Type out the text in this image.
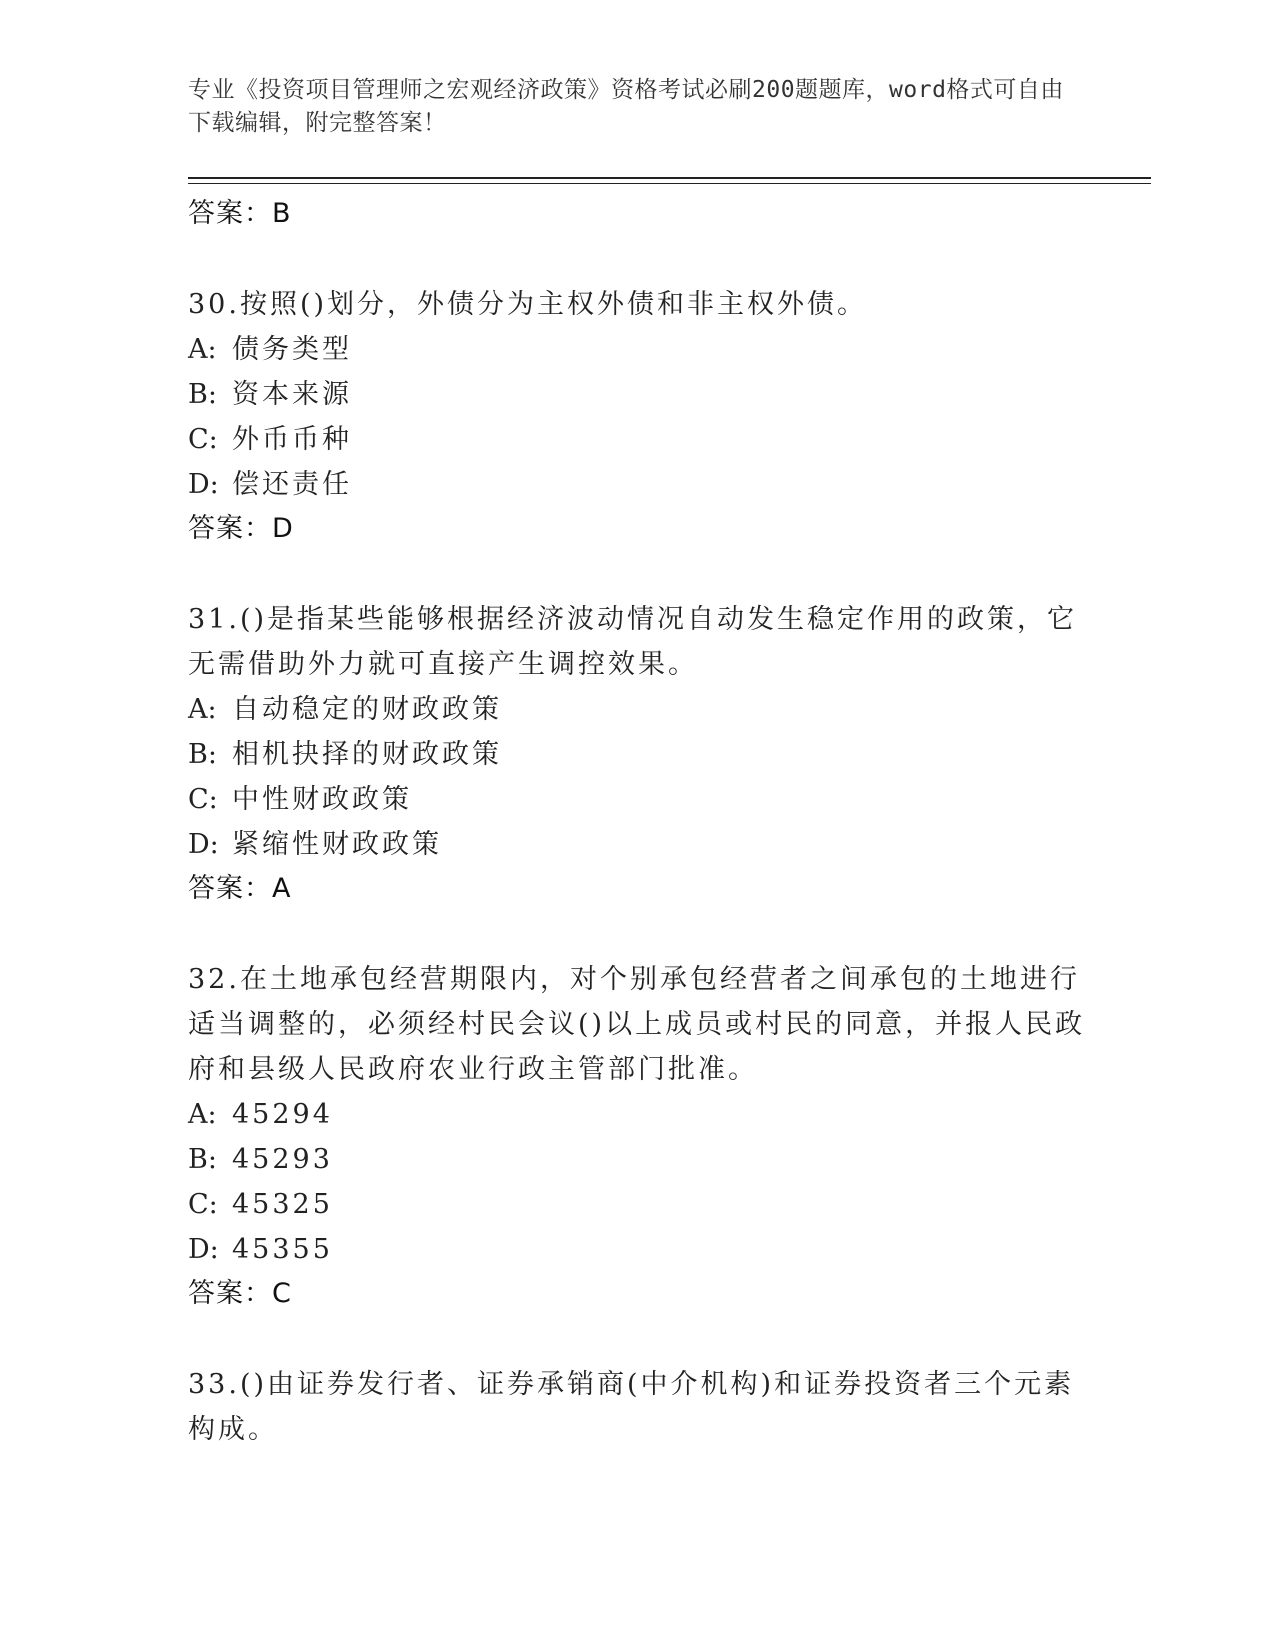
专业《投资项目管理师之宏观经济政策》资格考试必刷200题题库，word格式可自由下载编辑，附完整答案！
答案：B
30.按照()划分，外债分为主权外债和非主权外债。
A: 债务类型
B: 资本来源
C: 外币币种
D: 偿还责任
答案：D
31.()是指某些能够根据经济波动情况自动发生稳定作用的政策，它无需借助外力就可直接产生调控效果。
A: 自动稳定的财政政策
B: 相机抉择的财政政策
C: 中性财政政策
D: 紧缩性财政政策
答案：A
32.在土地承包经营期限内，对个别承包经营者之间承包的土地进行适当调整的，必须经村民会议()以上成员或村民的同意，并报人民政府和县级人民政府农业行政主管部门批准。
A: 45294
B: 45293
C: 45325
D: 45355
答案：C
33.()由证券发行者、证券承销商(中介机构)和证券投资者三个元素构成。
